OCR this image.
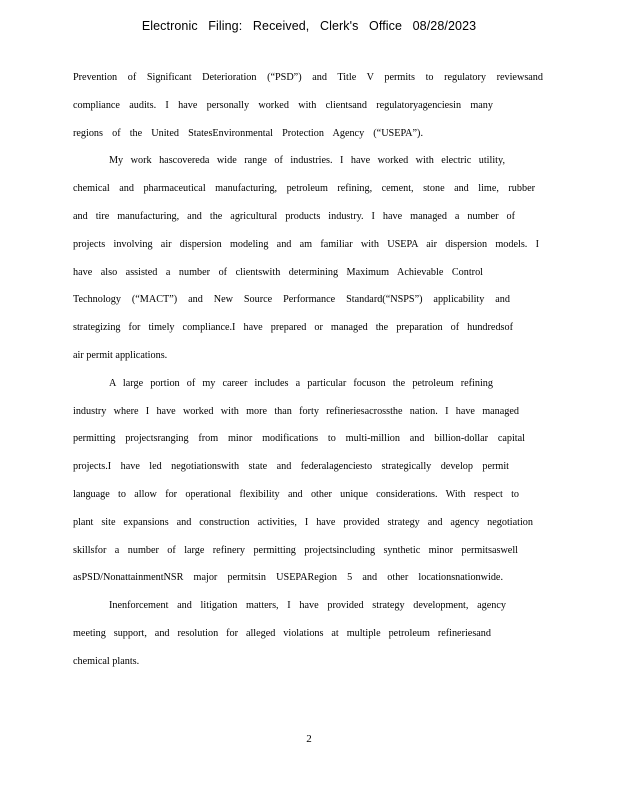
Electronic Filing: Received, Clerk's Office 08/28/2023
Prevention of Significant Deterioration (“PSD”) and Title V permits to regulatory reviewsand
compliance audits. I have personally worked with clientsand regulatoryagenciesin many
regions of the United StatesEnvironmental Protection Agency (“USEPA”).
My work hascovereda wide range of industries. I have worked with electric utility,
chemical and pharmaceutical manufacturing, petroleum refining, cement, stone and lime, rubber
and tire manufacturing, and the agricultural products industry. I have managed a number of
projects involving air dispersion modeling and am familiar with USEPA air dispersion models. I
have also assisted a number of clientswith determining Maximum Achievable Control
Technology (“MACT”) and New Source Performance Standard(“NSPS”) applicability and
strategizing for timely compliance.I have prepared or managed the preparation of hundredsof
air permit applications.
A large portion of my career includes a particular focuson the petroleum refining
industry where I have worked with more than forty refineriesacrossthe nation. I have managed
permitting projectsranging from minor modifications to multi-million and billion-dollar capital
projects.I have led negotiationswith state and federalagenciesto strategically develop permit
language to allow for operational flexibility and other unique considerations. With respect to
plant site expansions and construction activities, I have provided strategy and agency negotiation
skillsfor a number of large refinery permitting projectsincluding synthetic minor permitsaswell
asPSD/NonattainmentNSR major permitsin USEPARegion 5 and other locationsnationwide.
Inenforcement and litigation matters, I have provided strategy development, agency
meeting support, and resolution for alleged violations at multiple petroleum refineriesand
chemical plants.
2
